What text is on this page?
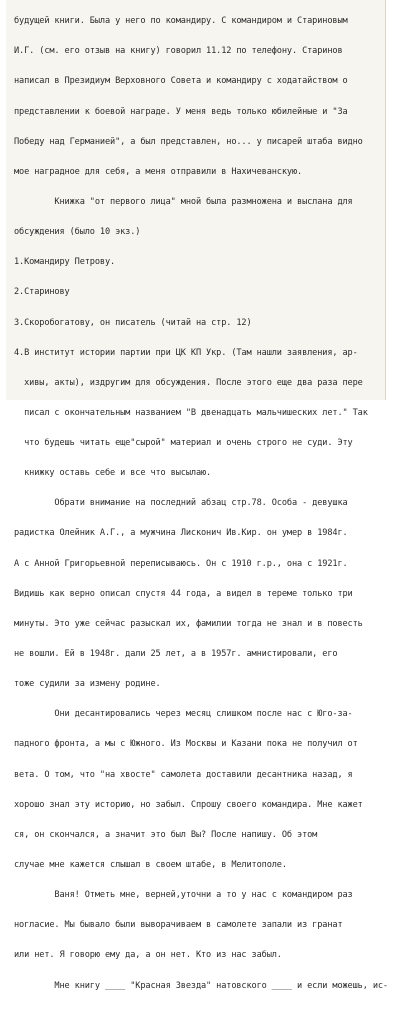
будущей книги. Была у него по командиру. С командиром и Стариновым

И.Г. (см. его отзыв на книгу) говорил 11.12 по телефону. Старинов

написал в Президиум Верховного Совета и командиру с ходатайством о

представлении к боевой награде. У меня ведь только юбилейные и "За

Победу над Германией", а был представлен, но... у писарей штаба видно

мое наградное для себя, а меня отправили в Нахичеванскую.

Книжка "от первого лица" мной была размножена и выслана для

обсуждения (было 10 экз.)

1.Командиру Петрову.

2.Старинову

3.Скоробогатову, он писатель (читай на стр. 12)

4.В институт истории партии при ЦК КП Укр. (Там нашли заявления, ар-

хивы, акты), издругим для обсуждения. После этого еще два раза пере

писал с окончательным названием "В двенадцать мальчишеских лет." Так

что будешь читать еще"сырой" материал и очень строго не суди. Эту

книжку оставь себе и все что высылаю.

Обрати внимание на последний абзац стр.78. Особа - девушка

радистка Олейник А.Г., а мужчина Лисконич Ив.Кир. он умер в 1984г.

А с Анной Григорьевной переписываюсь. Он с 1910 г.р., она с 1921г.

Видишь как верно описал спустя 44 года, а видел в тереме только три

минуты. Это уже сейчас разыскал их, фамилии тогда не знал и в повесть

не вошли. Ей в 1948г. дали 25 лет, а в 1957г. амнистировали, его

тоже судили за измену родине.

Они десантировались через месяц слишком после нас с Юго-за-

падного фронта, а мы с Южного. Из Москвы и Казани пока не получил от

вета. О том, что "на хвосте" самолета доставили десантника назад, я

хорошо знал эту историю, но забыл. Спрошу своего командира. Мне кажет

ся, он скончался, а значит это был Вы? После напишу. Об этом

случае мне кажется слышал в своем штабе, в Мелитополе.

Ваня! Отметь мне, верней,уточни а то у нас с командиром раз

ногласие. Мы бывало были выворачиваем в самолете запали из гранат

или нет. Я говорю ему да, а он нет. Кто из нас забыл.

Мне книгу ____ "Красная Звезда" натовского ____ и если можешь, ис-
